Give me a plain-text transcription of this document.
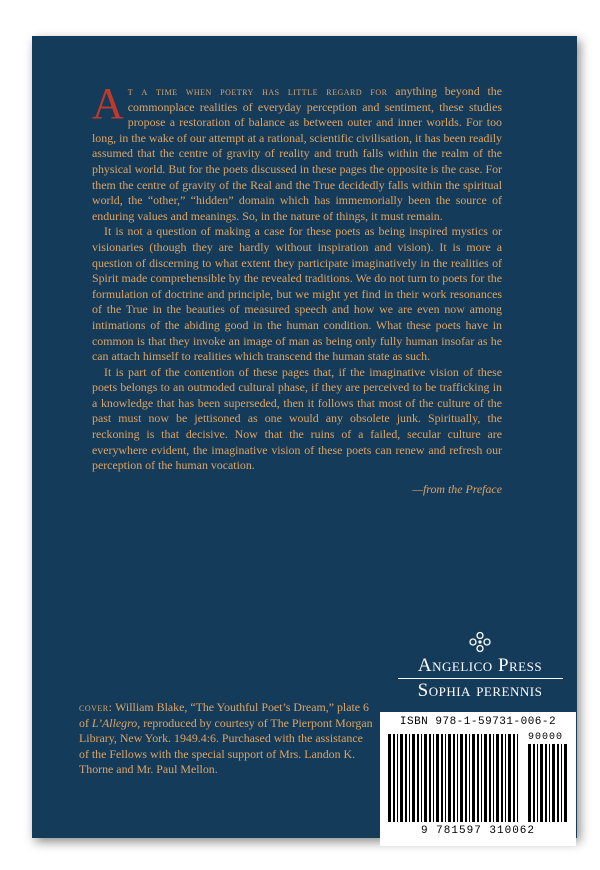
At a time when poetry has little regard for anything beyond the commonplace realities of everyday perception and sentiment, these studies propose a restoration of balance as between outer and inner worlds. For too long, in the wake of our attempt at a rational, scientific civilisation, it has been readily assumed that the centre of gravity of reality and truth falls within the realm of the physical world. But for the poets discussed in these pages the opposite is the case. For them the centre of gravity of the Real and the True decidedly falls within the spiritual world, the “other,” “hidden” domain which has immemorially been the source of enduring values and meanings. So, in the nature of things, it must remain.

It is not a question of making a case for these poets as being inspired mystics or visionaries (though they are hardly without inspiration and vision). It is more a question of discerning to what extent they participate imaginatively in the realities of Spirit made comprehensible by the revealed traditions. We do not turn to poets for the formulation of doctrine and principle, but we might yet find in their work resonances of the True in the beauties of measured speech and how we are even now among intimations of the abiding good in the human condition. What these poets have in common is that they invoke an image of man as being only fully human insofar as he can attach himself to realities which transcend the human state as such.

It is part of the contention of these pages that, if the imaginative vision of these poets belongs to an outmoded cultural phase, if they are perceived to be trafficking in a knowledge that has been superseded, then it follows that most of the culture of the past must now be jettisoned as one would any obsolete junk. Spiritually, the reckoning is that decisive. Now that the ruins of a failed, secular culture are everywhere evident, the imaginative vision of these poets can renew and refresh our perception of the human vocation.

—from the Preface
cover: William Blake, “The Youthful Poet’s Dream,” plate 6 of L’Allegro, reproduced by courtesy of The Pierpont Morgan Library, New York. 1949.4:6. Purchased with the assistance of the Fellows with the special support of Mrs. Landon K. Thorne and Mr. Paul Mellon.
Angelico Press
Sophia perennis
ISBN 978-1-59731-006-2
90000
9 781597 310062
